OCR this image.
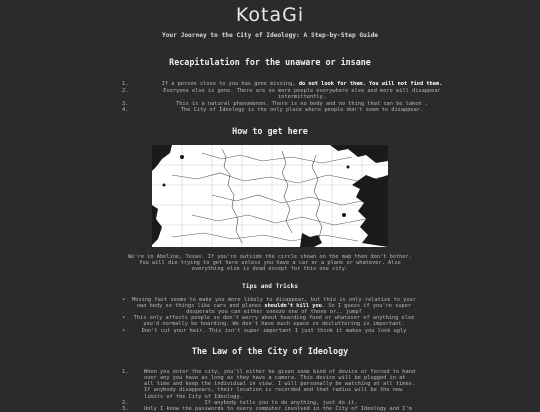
KotaGi
Your Journey to the City of Ideology: A Step-by-Step Guide
Recapitulation for the unaware or insane
1.	If a person close to you has gone missing, do not look for them. You will not find them.
2.	Everyone else is gone. There are no more people everywhere else and more will disappear intermittently.
3.	This is a natural phenomenon. There is no body and no thing that can be taken .
4.	The City of Ideology is the only place where people don't seem to disappear.
How to get here

We're in Abeline, Texas. If you're outside the circle shown on the map then don't bother. You will die trying to get here unless you have a car or a plane or whatever. Also everything else is dead except for this one city.

Tips and Tricks
•	Moving fast seems to make you more likely to disappear, but this is only relative to your own body so things like cars and planes shouldn't kill you. So I guess if you're super desperate you can either sneeze one of those or.. jump?
•	This only affects people so don't worry about hoarding food or whatever of anything else you'd normally be hoarding. We don't have much space so decluttering is important.
•	Don't cut your hair. This isn't super important I just think it makes you look ugly
The Law of the City of Ideology
1.	When you enter the city, you'll either be given some kind of device or forced to hand over any you have as long as they have a camera. This device will be plugged in at all time and keep the individual in view. I will personally be watching at all times. If anybody disappears, their location is recorded and that radius will be the new limits of the City of Ideology.
2.	If anybody tells you to do anything, just do it.
3.	Only I know the passwords to every computer involved in the City of Ideology and I'm
